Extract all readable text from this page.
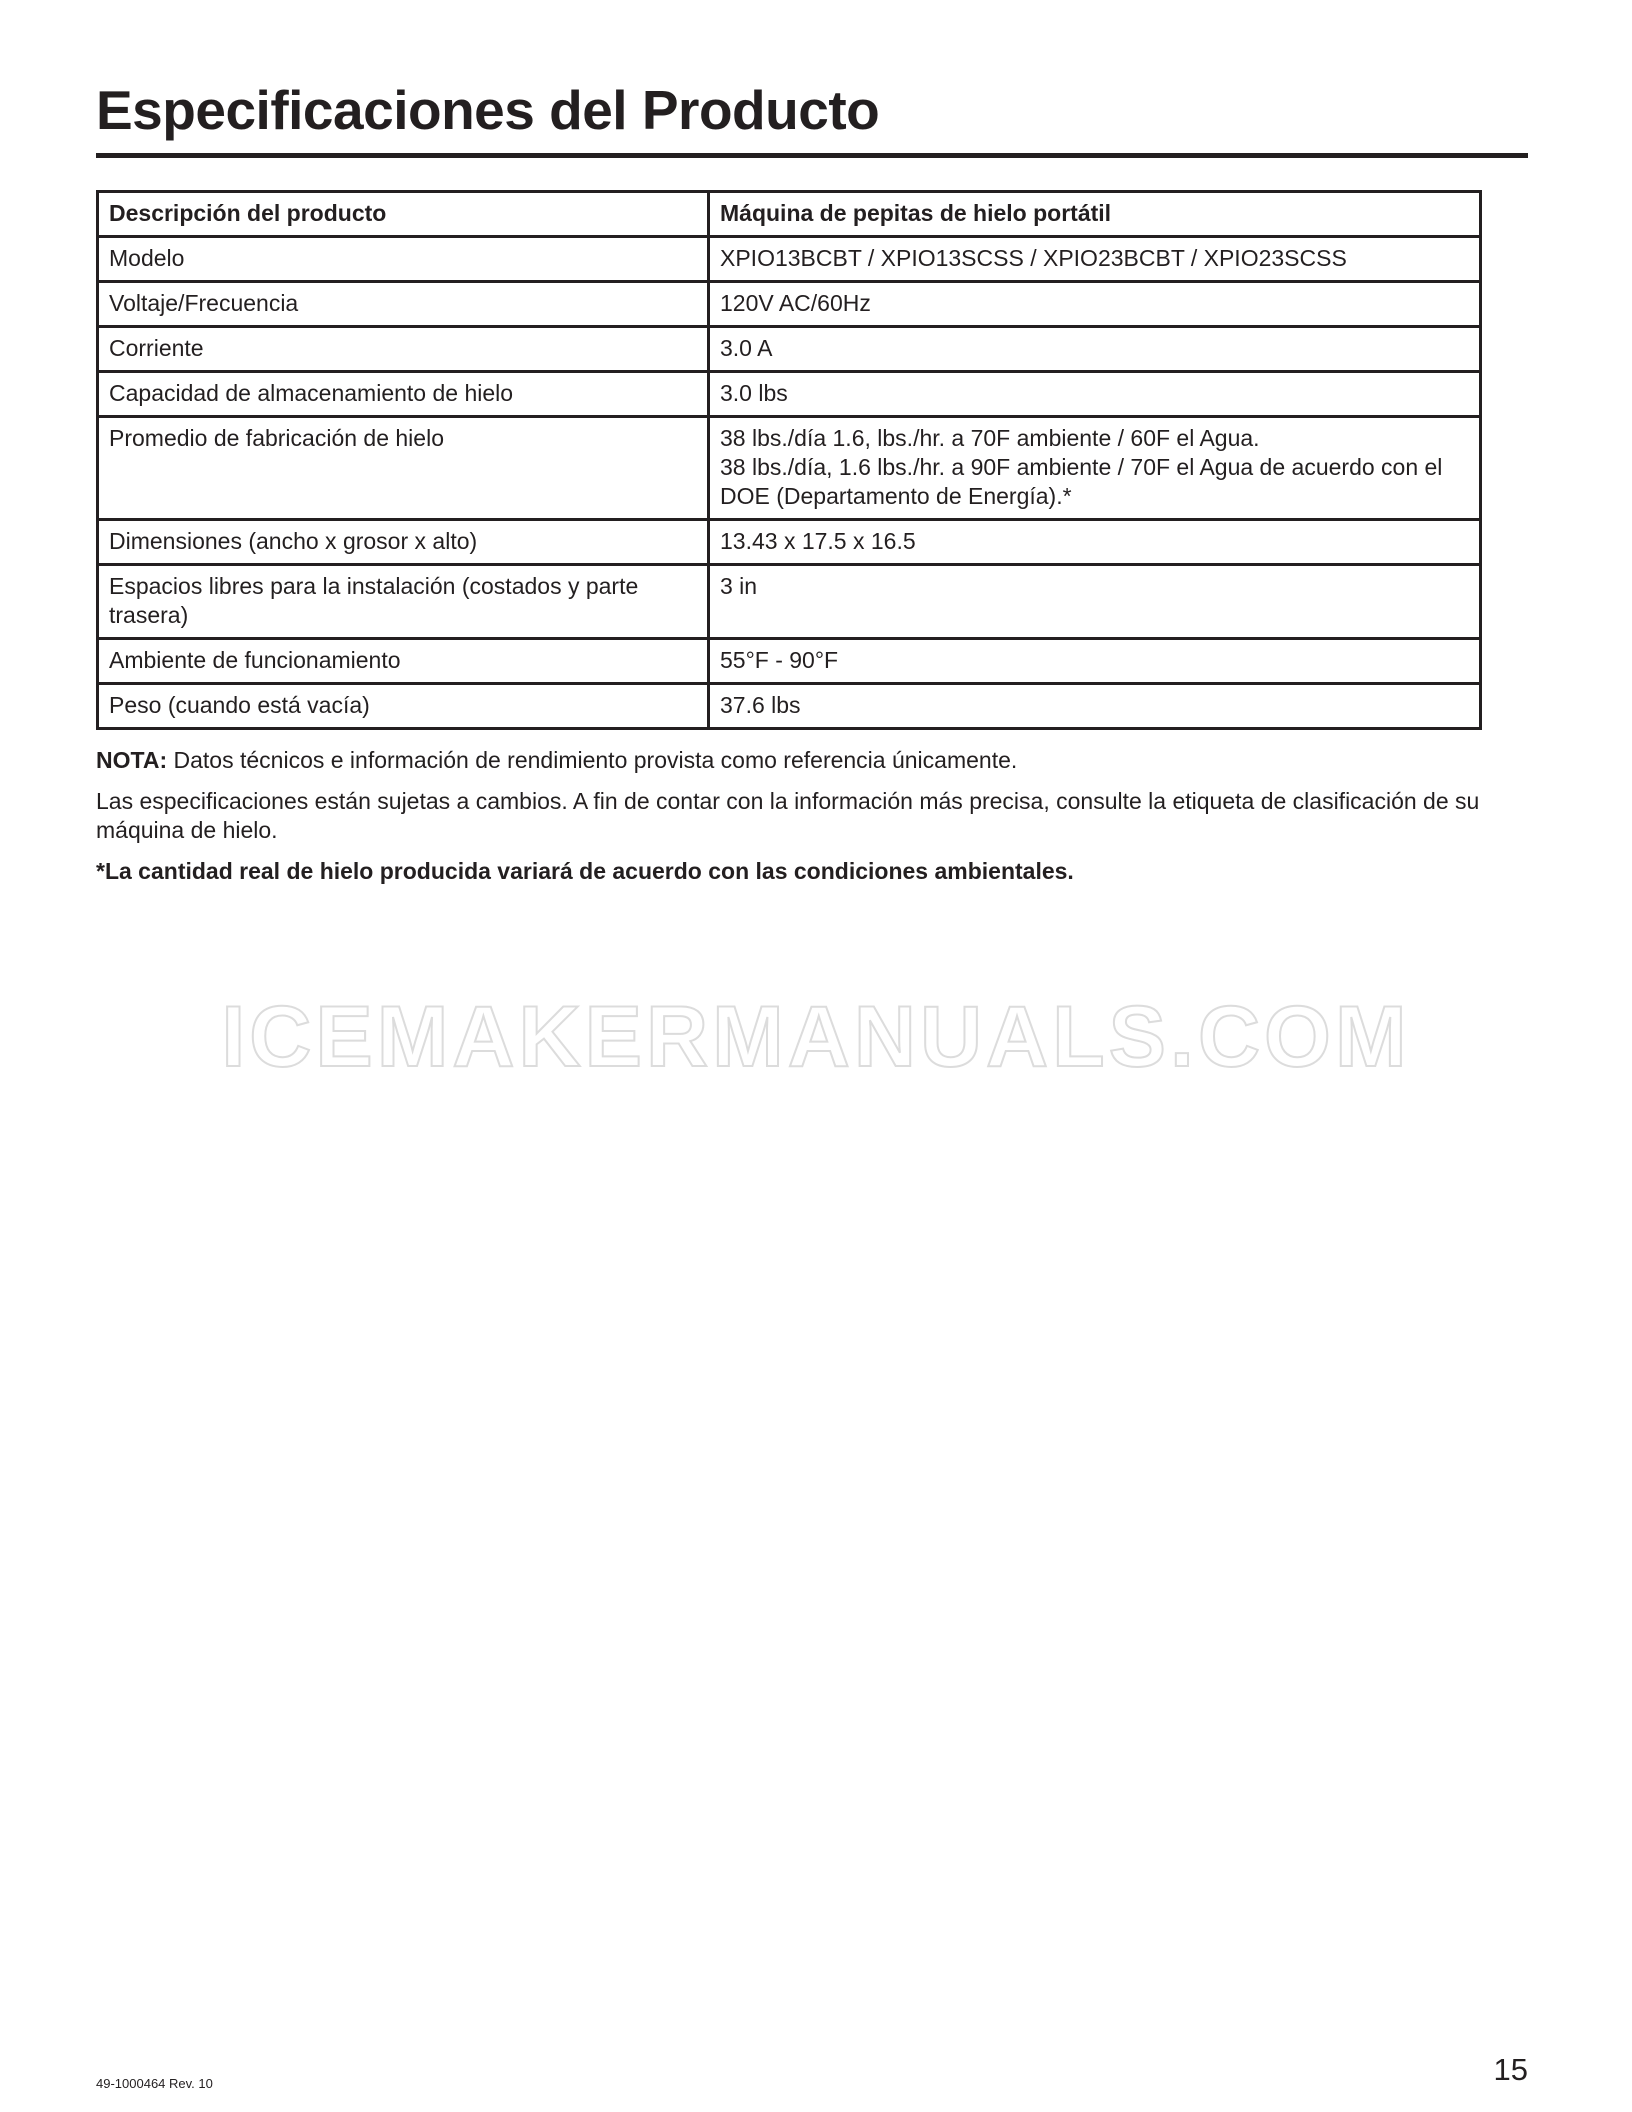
Especificaciones del Producto
Descripción del producto	Máquina de pepitas de hielo portátil
Modelo	XPIO13BCBT / XPIO13SCSS / XPIO23BCBT / XPIO23SCSS
Voltaje/Frecuencia	120V AC/60Hz
Corriente	3.0 A
Capacidad de almacenamiento de hielo	3.0 lbs
Promedio de fabricación de hielo	38 lbs./día 1.6, lbs./hr. a 70F ambiente / 60F el Agua.
38 lbs./día, 1.6 lbs./hr. a 90F ambiente / 70F el Agua de acuerdo con el DOE (Departamento de Energía).*
Dimensiones (ancho x grosor x alto)	13.43 x 17.5 x 16.5
Espacios libres para la instalación (costados y parte trasera)	3 in
Ambiente de funcionamiento	55°F - 90°F
Peso (cuando está vacía)	37.6 lbs

NOTA: Datos técnicos e información de rendimiento provista como referencia únicamente.

Las especificaciones están sujetas a cambios. A fin de contar con la información más precisa, consulte la etiqueta de clasificación de su máquina de hielo.

*La cantidad real de hielo producida variará de acuerdo con las condiciones ambientales.

ICEMAKERMANUALS.COM
49-1000464 Rev. 10	15
